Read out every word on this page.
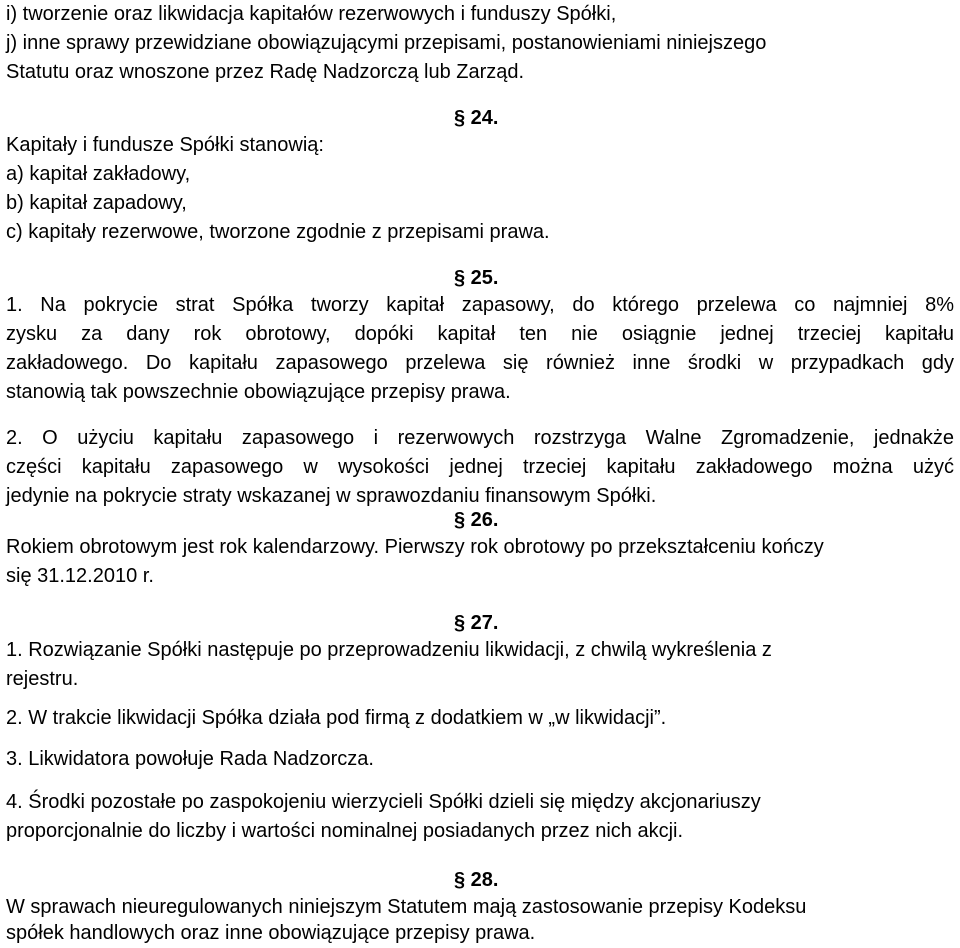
i) tworzenie oraz likwidacja kapitałów rezerwowych i funduszy Spółki,
j) inne sprawy przewidziane obowiązującymi przepisami, postanowieniami niniejszego
Statutu oraz wnoszone przez Radę Nadzorczą lub Zarząd.
§ 24.
Kapitały i fundusze Spółki stanowią:
a) kapitał zakładowy,
b) kapitał zapadowy,
c) kapitały rezerwowe, tworzone zgodnie z przepisami prawa.
§ 25.
1. Na pokrycie strat Spółka tworzy kapitał zapasowy, do którego przelewa co najmniej 8%
zysku za dany rok obrotowy, dopóki kapitał ten nie osiągnie jednej trzeciej kapitału
zakładowego. Do kapitału zapasowego przelewa się również inne środki w przypadkach gdy
stanowią tak powszechnie obowiązujące przepisy prawa.
2. O użyciu kapitału zapasowego i rezerwowych rozstrzyga Walne Zgromadzenie, jednakże
części kapitału zapasowego w wysokości jednej trzeciej kapitału zakładowego można użyć
jedynie na pokrycie straty wskazanej w sprawozdaniu finansowym Spółki.
§ 26.
Rokiem obrotowym jest rok kalendarzowy. Pierwszy rok obrotowy po przekształceniu kończy
się 31.12.2010 r.
§ 27.
1. Rozwiązanie Spółki następuje po przeprowadzeniu likwidacji, z chwilą wykreślenia z
rejestru.
2. W trakcie likwidacji Spółka działa pod firmą z dodatkiem w „w likwidacji”.
3. Likwidatora powołuje Rada Nadzorcza.
4. Środki pozostałe po zaspokojeniu wierzycieli Spółki dzieli się między akcjonariuszy
proporcjonalnie do liczby i wartości nominalnej posiadanych przez nich akcji.
§ 28.
W sprawach nieuregulowanych niniejszym Statutem mają zastosowanie przepisy Kodeksu
spółek handlowych oraz inne obowiązujące przepisy prawa.
